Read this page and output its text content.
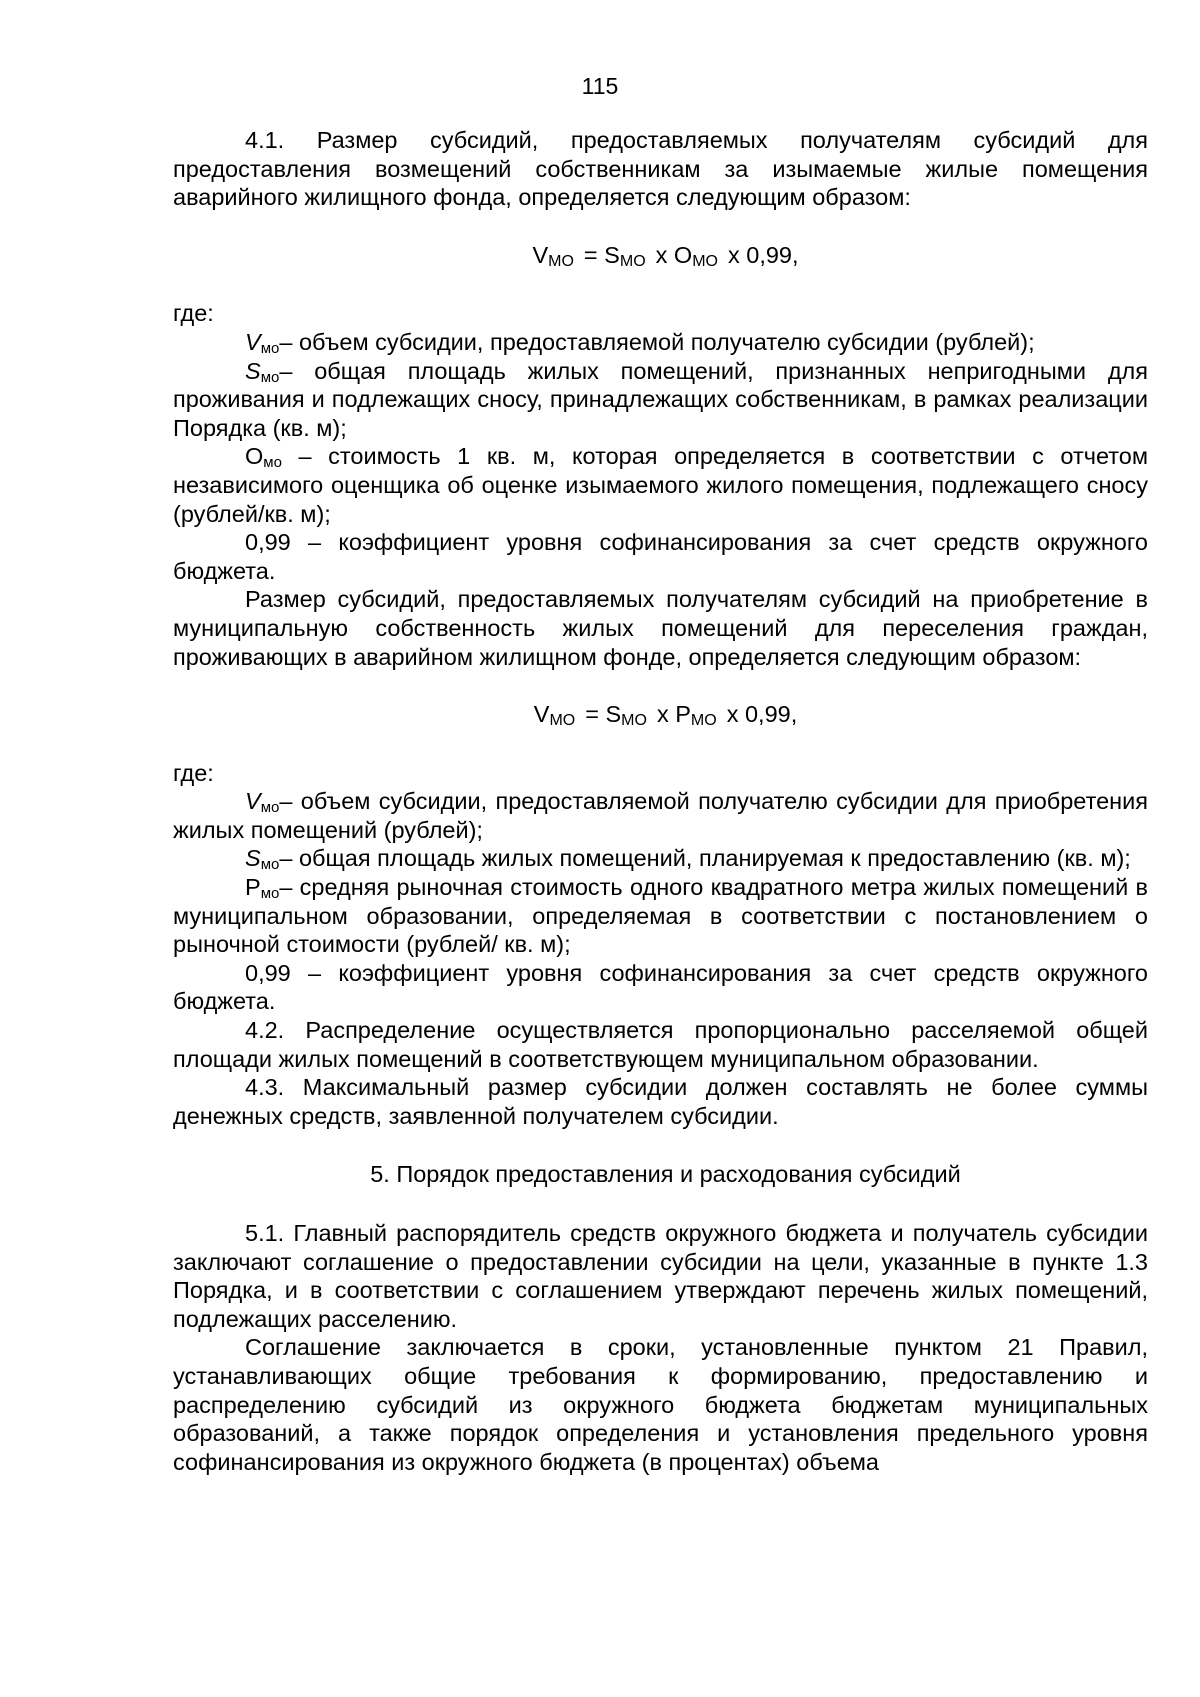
115

4.1. Размер субсидий, предоставляемых получателям субсидий для предоставления возмещений собственникам за изымаемые жилые помещения аварийного жилищного фонда, определяется следующим образом:

$V_{МО} = S_{МО}$ х $O_{МО}$ х 0,99,

где:

$V_{мо}-$ объем субсидии, предоставляемой получателю субсидии (рублей);

$S_{мо}-$ общая площадь жилых помещений, признанных непригодными для проживания и подлежащих сносу, принадлежащих собственникам, в рамках реализации Порядка (кв. м);

$О_{мо}$ – стоимость 1 кв. м, которая определяется в соответствии с отчетом независимого оценщика об оценке изымаемого жилого помещения, подлежащего сносу (рублей/кв. м);

0,99 – коэффициент уровня софинансирования за счет средств окружного бюджета.

Размер субсидий, предоставляемых получателям субсидий на приобретение в муниципальную собственность жилых помещений для переселения граждан, проживающих в аварийном жилищном фонде, определяется следующим образом:

$V_{МО} = S_{МО}$ х $P_{МО}$ х 0,99,

где:

$V_{мо}-$ объем субсидии, предоставляемой получателю субсидии для приобретения жилых помещений (рублей);

$S_{мо}-$ общая площадь жилых помещений, планируемая к предоставлению (кв. м);

$Р_{мо}-$ средняя рыночная стоимость одного квадратного метра жилых помещений в муниципальном образовании, определяемая в соответствии с постановлением о рыночной стоимости (рублей/ кв. м);

0,99 – коэффициент уровня софинансирования за счет средств окружного бюджета.

4.2. Распределение осуществляется пропорционально расселяемой общей площади жилых помещений в соответствующем муниципальном образовании.

4.3. Максимальный размер субсидии должен составлять не более суммы денежных средств, заявленной получателем субсидии.

5. Порядок предоставления и расходования субсидий

5.1. Главный распорядитель средств окружного бюджета и получатель субсидии заключают соглашение о предоставлении субсидии на цели, указанные в пункте 1.3 Порядка, и в соответствии с соглашением утверждают перечень жилых помещений, подлежащих расселению.

Соглашение заключается в сроки, установленные пунктом 21 Правил, устанавливающих общие требования к формированию, предоставлению и распределению субсидий из окружного бюджета бюджетам муниципальных образований, а также порядок определения и установления предельного уровня софинансирования из окружного бюджета (в процентах) объема
